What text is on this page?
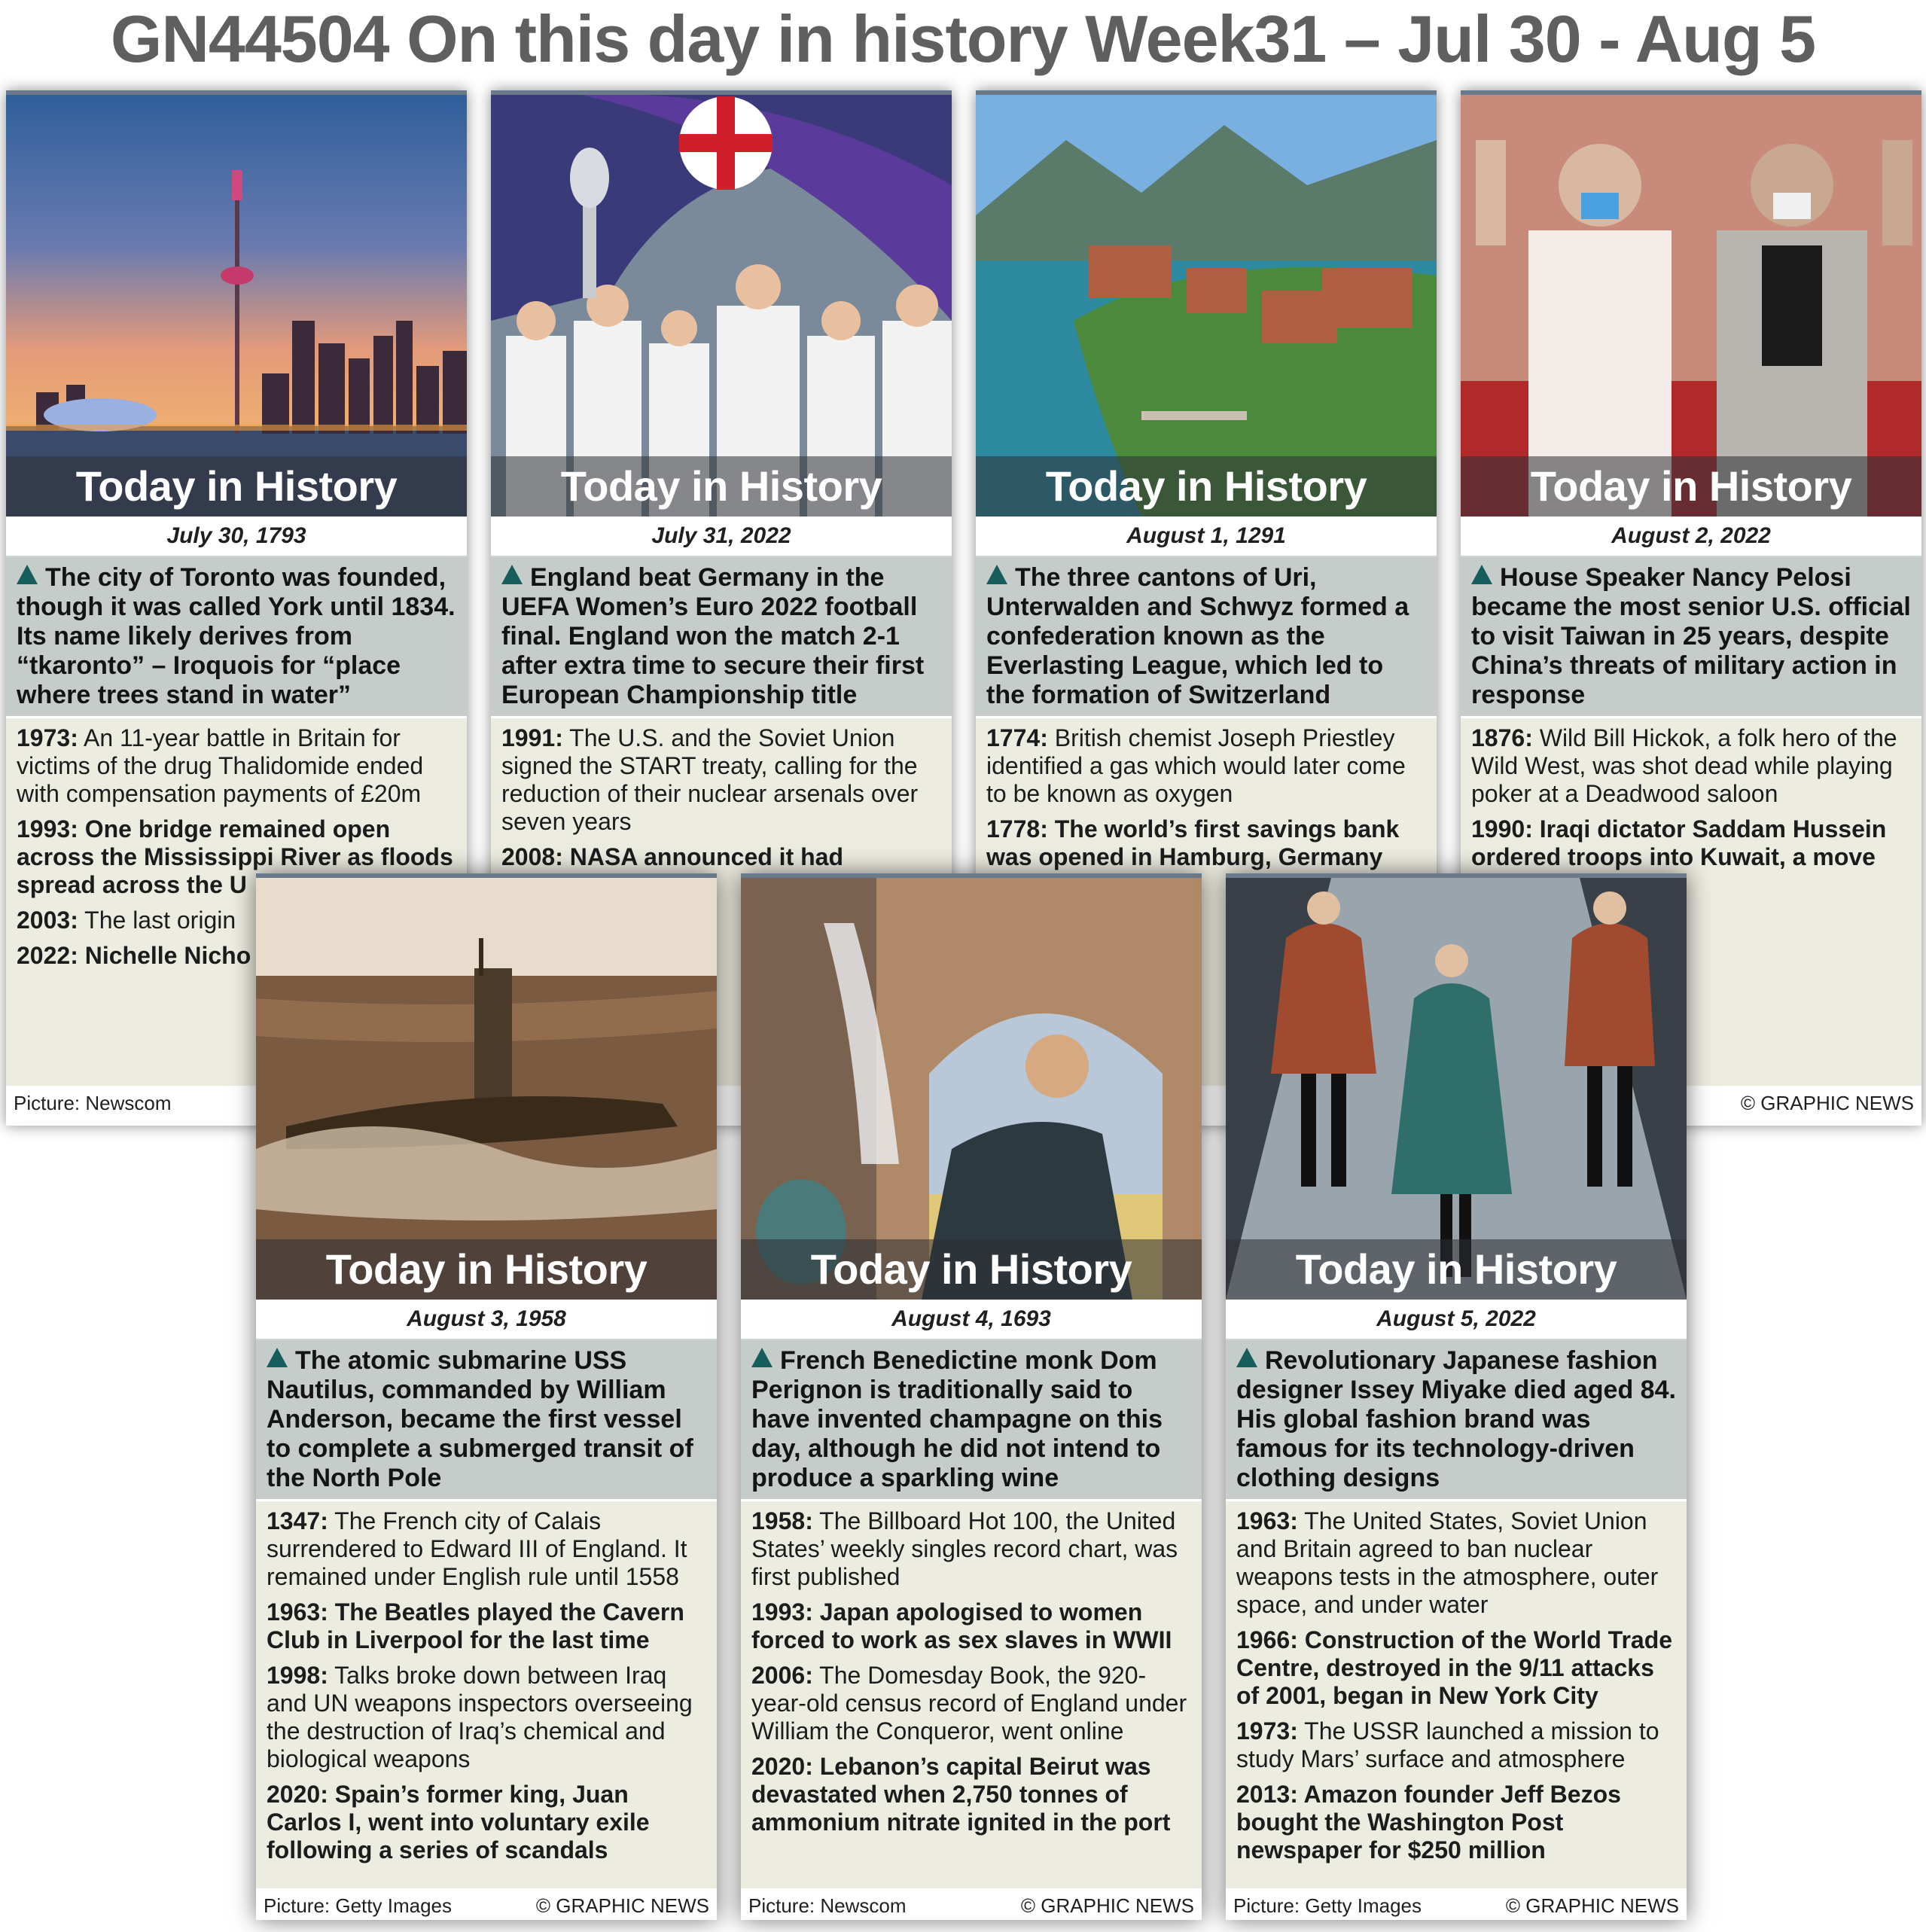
GN44504 On this day in history Week31 – Jul 30 - Aug 5
Today in History
July 30, 1793
The city of Toronto was founded, though it was called York until 1834. Its name likely derives from “tkaronto” – Iroquois for “place where trees stand in water”
1973: An 11-year battle in Britain for victims of the drug Thalidomide ended with compensation payments of £20m
1993: One bridge remained open across the Mississippi River as floods spread across the U
2003: The last origin
2022: Nichelle Nicho
Picture: Newscom
Today in History
July 31, 2022
England beat Germany in the UEFA Women’s Euro 2022 football final. England won the match 2-1 after extra time to secure their first European Championship title
1991: The U.S. and the Soviet Union signed the START treaty, calling for the reduction of their nuclear arsenals over seven years
2008: NASA announced it had
Today in History
August 1, 1291
The three cantons of Uri, Unterwalden and Schwyz formed a confederation known as the Everlasting League, which led to the formation of Switzerland
1774: British chemist Joseph Priestley identified a gas which would later come to be known as oxygen
1778: The world’s first savings bank was opened in Hamburg, Germany
Today in History
August 2, 2022
House Speaker Nancy Pelosi became the most senior U.S. official to visit Taiwan in 25 years, despite China’s threats of military action in response
1876: Wild Bill Hickok, a folk hero of the Wild West, was shot dead while playing poker at a Deadwood saloon
1990: Iraqi dictator Saddam Hussein ordered troops into Kuwait, a move
© GRAPHIC NEWS
Today in History
August 3, 1958
The atomic submarine USS Nautilus, commanded by William Anderson, became the first vessel to complete a submerged transit of the North Pole
1347: The French city of Calais surrendered to Edward III of England. It remained under English rule until 1558
1963: The Beatles played the Cavern Club in Liverpool for the last time
1998: Talks broke down between Iraq and UN weapons inspectors overseeing the destruction of Iraq’s chemical and biological weapons
2020: Spain’s former king, Juan Carlos I, went into voluntary exile following a series of scandals
Picture: Getty Images	© GRAPHIC NEWS
Today in History
August 4, 1693
French Benedictine monk Dom Perignon is traditionally said to have invented champagne on this day, although he did not intend to produce a sparkling wine
1958: The Billboard Hot 100, the United States’ weekly singles record chart, was first published
1993: Japan apologised to women forced to work as sex slaves in WWII
2006: The Domesday Book, the 920-year-old census record of England under William the Conqueror, went online
2020: Lebanon’s capital Beirut was devastated when 2,750 tonnes of ammonium nitrate ignited in the port
Picture: Newscom	© GRAPHIC NEWS
Today in History
August 5, 2022
Revolutionary Japanese fashion designer Issey Miyake died aged 84. His global fashion brand was famous for its technology-driven clothing designs
1963: The United States, Soviet Union and Britain agreed to ban nuclear weapons tests in the atmosphere, outer space, and under water
1966: Construction of the World Trade Centre, destroyed in the 9/11 attacks of 2001, began in New York City
1973: The USSR launched a mission to study Mars’ surface and atmosphere
2013: Amazon founder Jeff Bezos bought the Washington Post newspaper for $250 million
Picture: Getty Images	© GRAPHIC NEWS
